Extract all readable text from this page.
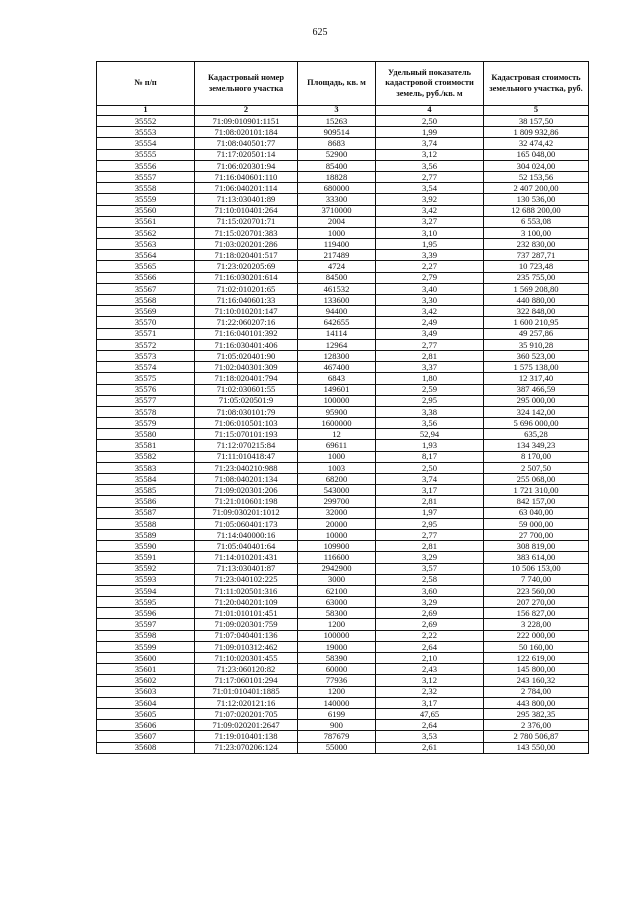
625
№ п/п	Кадастровый номер земельного участка	Площадь, кв. м	Удельный показатель кадастровой стоимости земель, руб./кв. м	Кадастровая стоимость земельного участка, руб.
1	2	3	4	5
35552	71:09:010901:1151	15263	2,50	38 157,50
35553	71:08:020101:184	909514	1,99	1 809 932,86
35554	71:08:040501:77	8683	3,74	32 474,42
35555	71:17:020501:14	52900	3,12	165 048,00
35556	71:06:020301:94	85400	3,56	304 024,00
35557	71:16:040601:110	18828	2,77	52 153,56
35558	71:06:040201:114	680000	3,54	2 407 200,00
35559	71:13:030401:89	33300	3,92	130 536,00
35560	71:10:010401:264	3710000	3,42	12 688 200,00
35561	71:15:020701:71	2004	3,27	6 553,08
35562	71:15:020701:383	1000	3,10	3 100,00
35563	71:03:020201:286	119400	1,95	232 830,00
35564	71:18:020401:517	217489	3,39	737 287,71
35565	71:23:020205:69	4724	2,27	10 723,48
35566	71:16:030201:614	84500	2,79	235 755,00
35567	71:02:010201:65	461532	3,40	1 569 208,80
35568	71:16:040601:33	133600	3,30	440 880,00
35569	71:10:010201:147	94400	3,42	322 848,00
35570	71:22:060207:16	642655	2,49	1 600 210,95
35571	71:16:040101:392	14114	3,49	49 257,86
35572	71:16:030401:406	12964	2,77	35 910,28
35573	71:05:020401:90	128300	2,81	360 523,00
35574	71:02:040301:309	467400	3,37	1 575 138,00
35575	71:18:020401:794	6843	1,80	12 317,40
35576	71:02:030601:55	149601	2,59	387 466,59
35577	71:05:020501:9	100000	2,95	295 000,00
35578	71:08:030101:79	95900	3,38	324 142,00
35579	71:06:010501:103	1600000	3,56	5 696 000,00
35580	71:15:070101:193	12	52,94	635,28
35581	71:12:070215:84	69611	1,93	134 349,23
35582	71:11:010418:47	1000	8,17	8 170,00
35583	71:23:040210:988	1003	2,50	2 507,50
35584	71:08:040201:134	68200	3,74	255 068,00
35585	71:09:020301:206	543000	3,17	1 721 310,00
35586	71:21:010601:198	299700	2,81	842 157,00
35587	71:09:030201:1012	32000	1,97	63 040,00
35588	71:05:060401:173	20000	2,95	59 000,00
35589	71:14:040000:16	10000	2,77	27 700,00
35590	71:05:040401:64	109900	2,81	308 819,00
35591	71:14:010201:431	116600	3,29	383 614,00
35592	71:13:030401:87	2942900	3,57	10 506 153,00
35593	71:23:040102:225	3000	2,58	7 740,00
35594	71:11:020501:316	62100	3,60	223 560,00
35595	71:20:040201:109	63000	3,29	207 270,00
35596	71:01:010101:451	58300	2,69	156 827,00
35597	71:09:020301:759	1200	2,69	3 228,00
35598	71:07:040401:136	100000	2,22	222 000,00
35599	71:09:010312:462	19000	2,64	50 160,00
35600	71:10:020301:455	58390	2,10	122 619,00
35601	71:23:060120:82	60000	2,43	145 800,00
35602	71:17:060101:294	77936	3,12	243 160,32
35603	71:01:010401:1885	1200	2,32	2 784,00
35604	71:12:020121:16	140000	3,17	443 800,00
35605	71:07:020201:705	6199	47,65	295 382,35
35606	71:09:020201:2647	900	2,64	2 376,00
35607	71:19:010401:138	787679	3,53	2 780 506,87
35608	71:23:070206:124	55000	2,61	143 550,00
